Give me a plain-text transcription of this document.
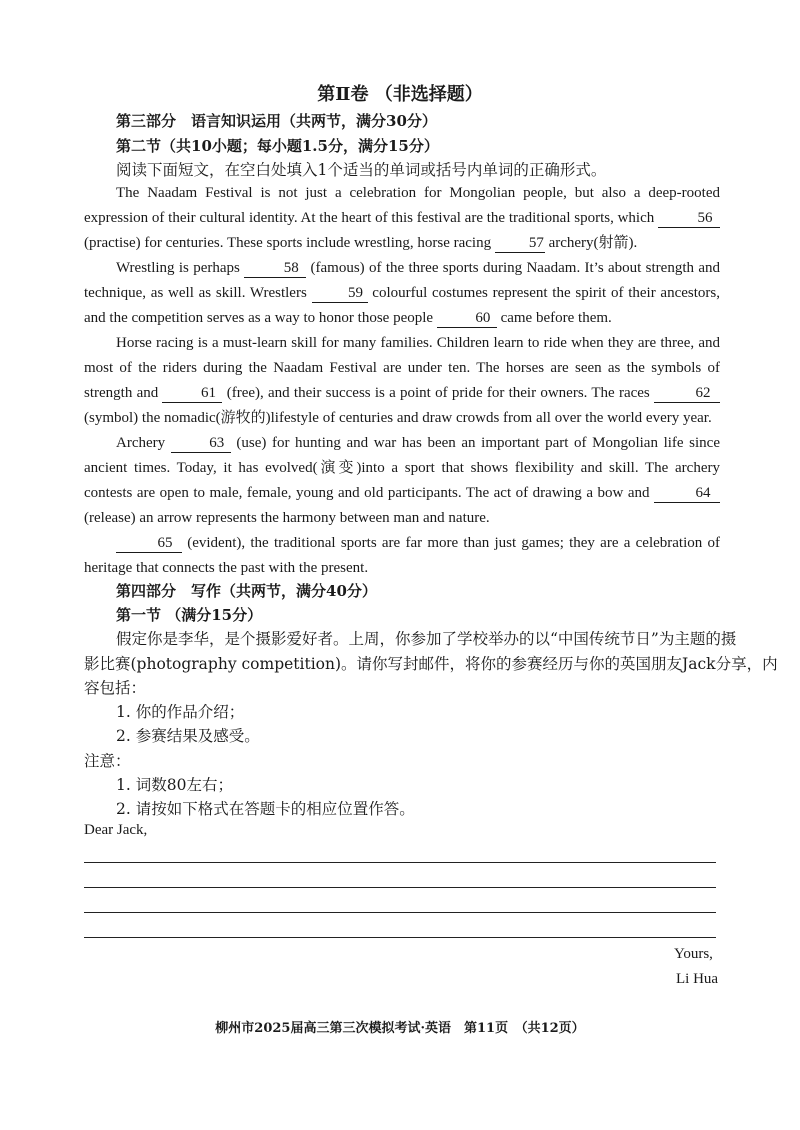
第Ⅱ卷 （非选择题）
第三部分　语言知识运用（共两节，满分30分）
第二节（共10小题；每小题1.5分，满分15分）
阅读下面短文，在空白处填入1个适当的单词或括号内单词的正确形式。

The Naadam Festival is not just a celebration for Mongolian people, but also a deep-rooted expression of their cultural identity. At the heart of this festival are the traditional sports, which	56 (practise) for centuries. These sports include wrestling, horse racing 57 archery(射箭).

Wrestling is perhaps	58 (famous) of the three sports during Naadam. It’s about strength and technique, as well as skill. Wrestlers 59 colourful costumes represent the spirit of their ancestors, and the competition serves as a way to honor those people	60 came before them.

Horse racing is a must-learn skill for many families. Children learn to ride when they are three, and most of the riders during the Naadam Festival are under ten. The horses are seen as the symbols of strength and	61 (free), and their success is a point of pride for their owners. The races	62 (symbol) the nomadic(游牧的)lifestyle of centuries and draw crowds from all over the world every year.

Archery	63 (use) for hunting and war has been an important part of Mongolian life since ancient times. Today, it has evolved(演变)into a sport that shows flexibility and skill. The archery contests are open to male, female, young and old participants. The act of drawing a bow and	64 (release) an arrow represents the harmony between man and nature.

65 (evident), the traditional sports are far more than just games; they are a celebration of heritage that connects the past with the present.

第四部分　写作（共两节，满分40分）
第一节 （满分15分）
假定你是李华，是个摄影爱好者。上周，你参加了学校举办的以“中国传统节日”为主题的摄
影比赛(photography competition)。请你写封邮件，将你的参赛经历与你的英国朋友Jack分享，内
容包括：
1. 你的作品介绍；
2. 参赛结果及感受。
注意：
1. 词数80左右；
2. 请按如下格式在答题卡的相应位置作答。
Dear Jack,
Yours,
Li Hua
柳州市2025届高三第三次模拟考试·英语　第11页　（共12页）
